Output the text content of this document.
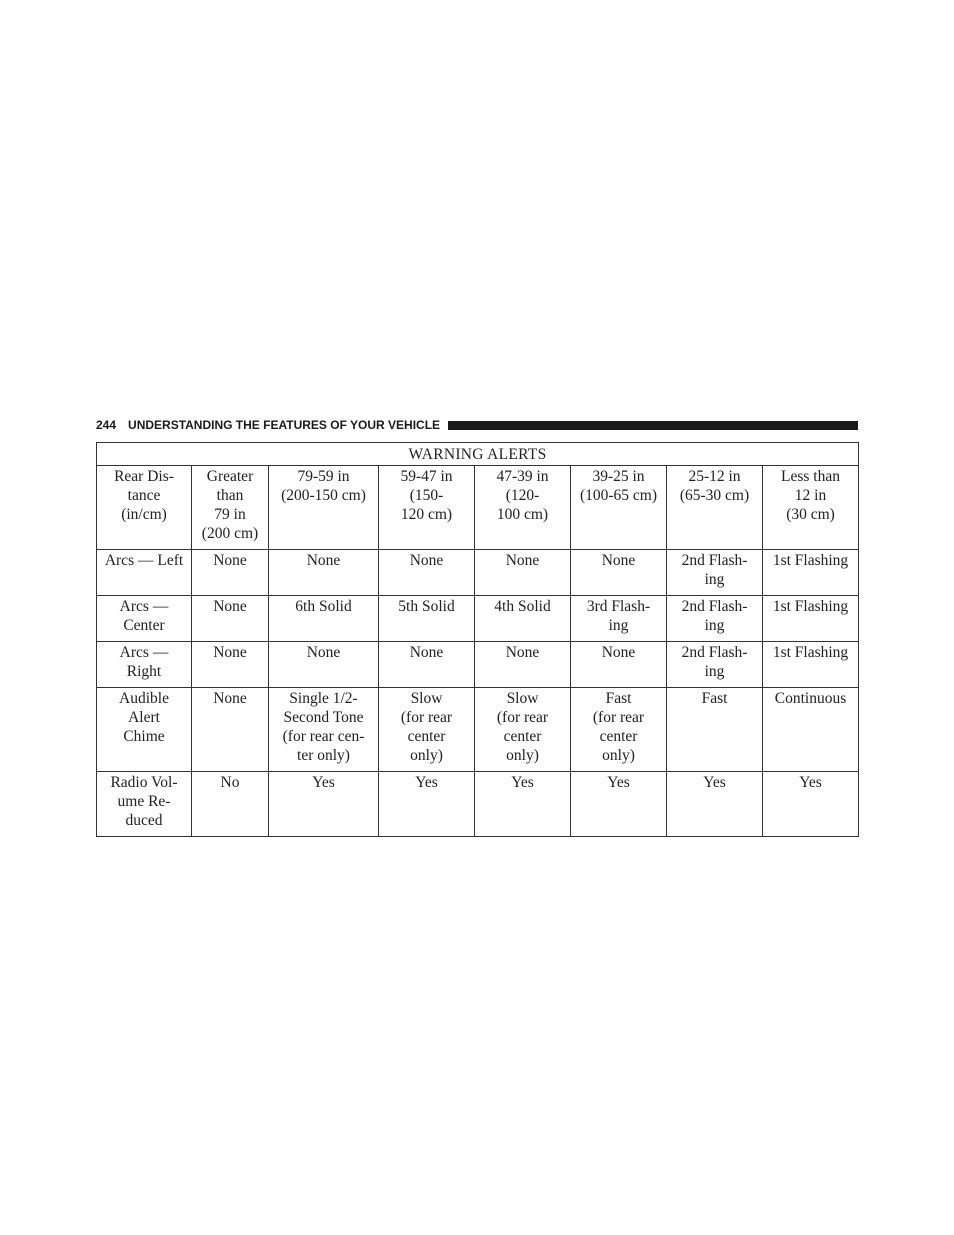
244 UNDERSTANDING THE FEATURES OF YOUR VEHICLE
WARNING ALERTS							

Rear Dis-
tance
(in/cm)	Greater
than
79 in
(200 cm)	79-59 in
(200-150 cm)	59-47 in
(150-
120 cm)	47-39 in
(120-
100 cm)	39-25 in
(100-65 cm)	25-12 in
(65-30 cm)	Less than
12 in
(30 cm)

Arcs — Left	None	None	None	None	None	2nd Flash-
ing	1st Flashing

Arcs —
Center	None	6th Solid	5th Solid	4th Solid	3rd Flash-
ing	2nd Flash-
ing	1st Flashing

Arcs —
Right	None	None	None	None	None	2nd Flash-
ing	1st Flashing

Audible
Alert
Chime	None	Single 1/2-
Second Tone
(for rear cen-
ter only)	Slow
(for rear
center
only)	Slow
(for rear
center
only)	Fast
(for rear
center
only)	Fast	Continuous

Radio Vol-
ume Re-
duced	No	Yes	Yes	Yes	Yes	Yes	Yes
